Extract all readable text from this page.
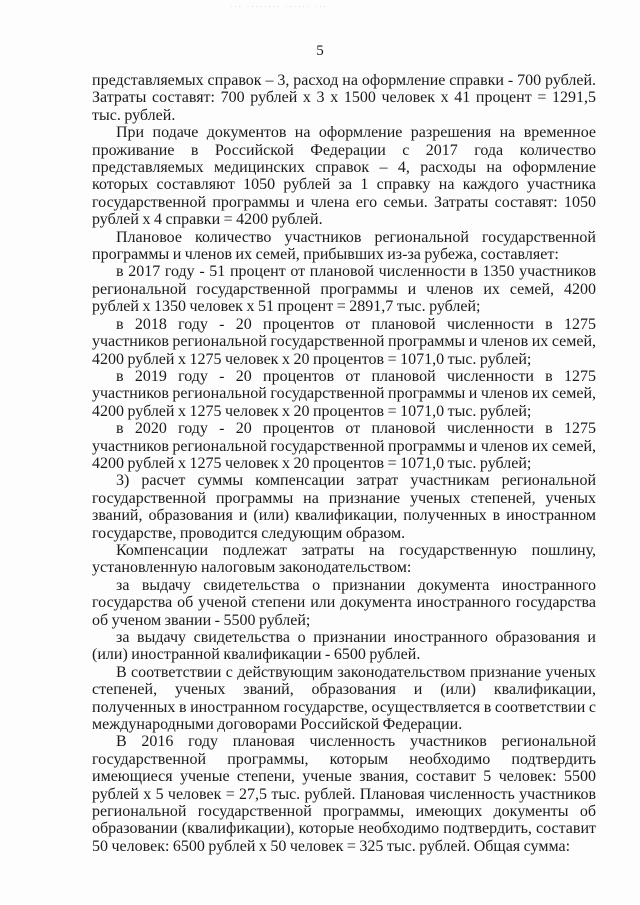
··· ········ ······ ···
5

представляемых справок – 3, расход на оформление справки - 700 рублей. Затраты составят: 700 рублей х 3 х 1500 человек х 41 процент = 1291,5 тыс. рублей.

При подаче документов на оформление разрешения на временное проживание в Российской Федерации с 2017 года количество представляемых медицинских справок – 4, расходы на оформление которых составляют 1050 рублей за 1 справку на каждого участника государственной программы и члена его семьи. Затраты составят: 1050 рублей х 4 справки = 4200 рублей.

Плановое количество участников региональной государственной программы и членов их семей, прибывших из-за рубежа, составляет:

в 2017 году - 51 процент от плановой численности в 1350 участников региональной государственной программы и членов их семей, 4200 рублей х 1350 человек х 51 процент = 2891,7 тыс. рублей;

в 2018 году - 20 процентов от плановой численности в 1275 участников региональной государственной программы и членов их семей, 4200 рублей х 1275 человек х 20 процентов = 1071,0 тыс. рублей;

в 2019 году - 20 процентов от плановой численности в 1275 участников региональной государственной программы и членов их семей, 4200 рублей х 1275 человек х 20 процентов = 1071,0 тыс. рублей;

в 2020 году - 20 процентов от плановой численности в 1275 участников региональной государственной программы и членов их семей, 4200 рублей х 1275 человек х 20 процентов = 1071,0 тыс. рублей;

3) расчет суммы компенсации затрат участникам региональной государственной программы на признание ученых степеней, ученых званий, образования и (или) квалификации, полученных в иностранном государстве, проводится следующим образом.

Компенсации подлежат затраты на государственную пошлину, установленную налоговым законодательством:

за выдачу свидетельства о признании документа иностранного государства об ученой степени или документа иностранного государства об ученом звании - 5500 рублей;

за выдачу свидетельства о признании иностранного образования и (или) иностранной квалификации - 6500 рублей.

В соответствии с действующим законодательством признание ученых степеней, ученых званий, образования и (или) квалификации, полученных в иностранном государстве, осуществляется в соответствии с международными договорами Российской Федерации.

В 2016 году плановая численность участников региональной государственной программы, которым необходимо подтвердить имеющиеся ученые степени, ученые звания, составит 5 человек: 5500 рублей х 5 человек = 27,5 тыс. рублей. Плановая численность участников региональной государственной программы, имеющих документы об образовании (квалификации), которые необходимо подтвердить, составит 50 человек: 6500 рублей х 50 человек = 325 тыс. рублей. Общая сумма:
